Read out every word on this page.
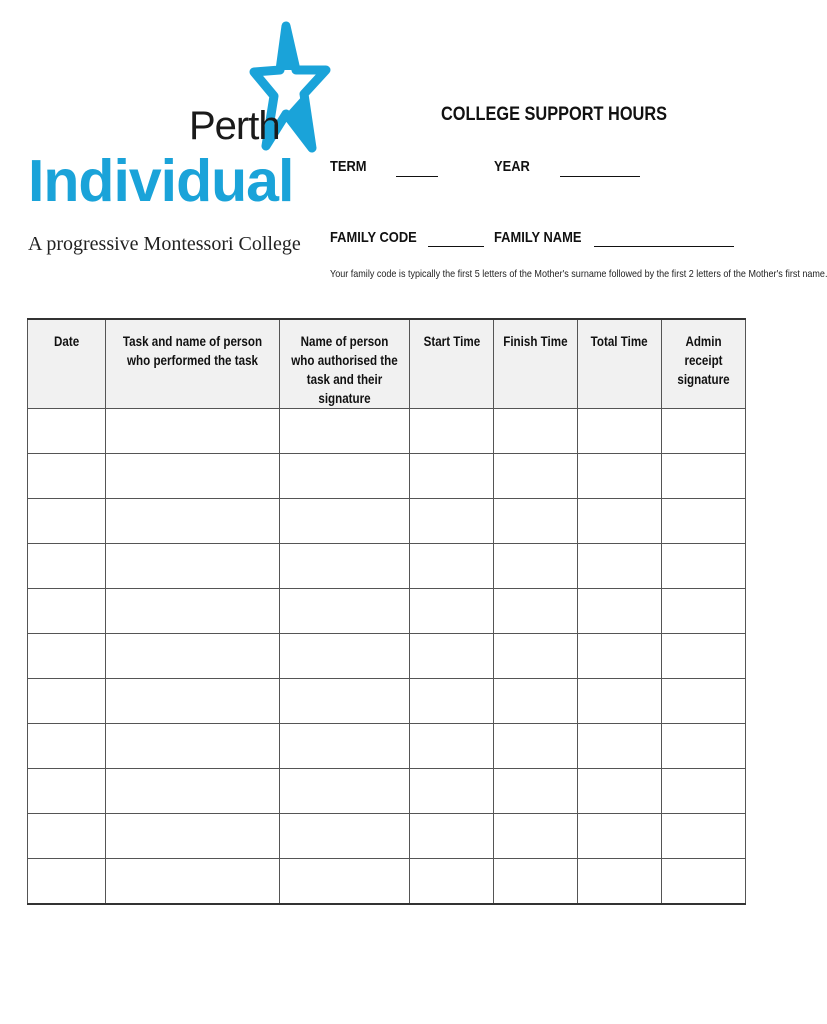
Perth
Individual
A progressive Montessori College
COLLEGE SUPPORT HOURS
TERM	YEAR
FAMILY CODE	FAMILY NAME
Your family code is typically the first 5 letters of the Mother's surname followed by the first 2 letters of the Mother's first name.
Date	Task and name of person who performed the task	Name of person who authorised the task and their signature	Start Time	Finish Time	Total Time	Admin receipt signature
